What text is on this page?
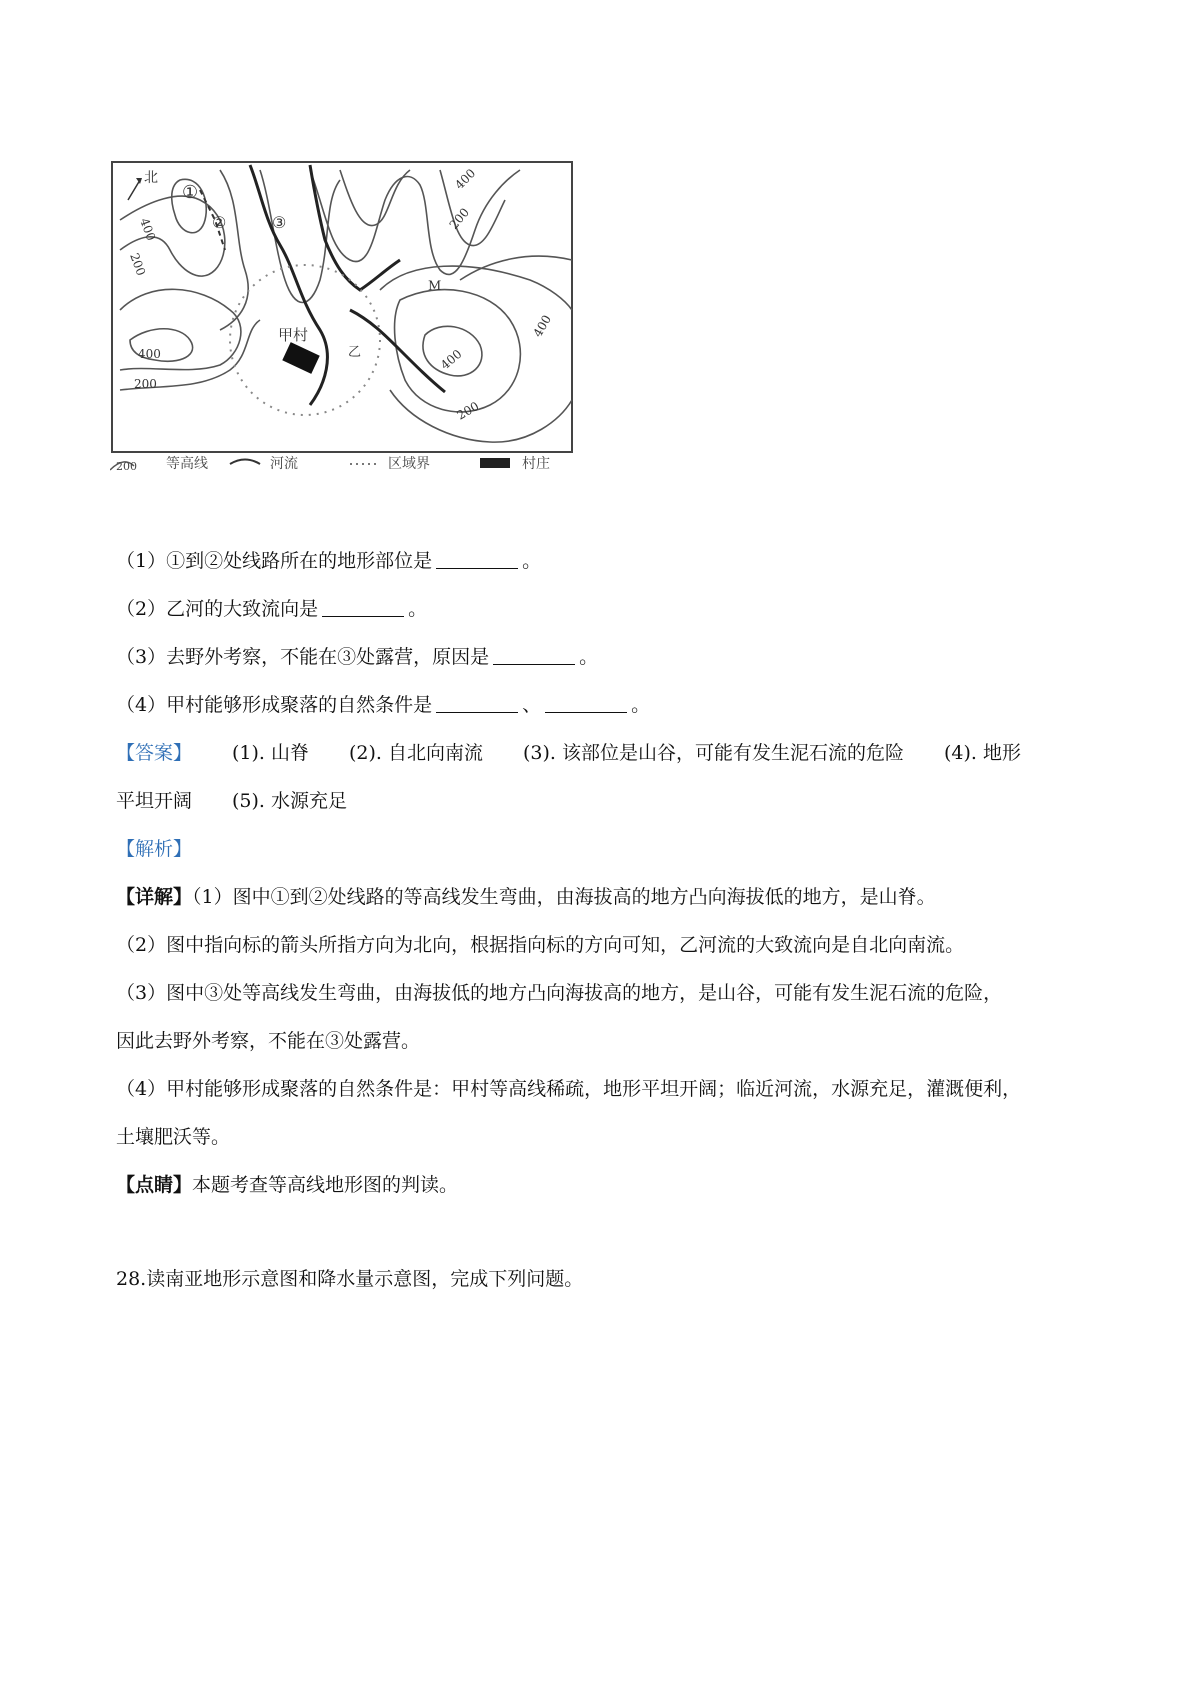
北
①
②	③
甲村
乙
M
400
400
400
400	400
200
200
200
200
200 等高线	河流	区域界	村庄
（1）①到②处线路所在的地形部位是	。
（2）乙河的大致流向是	。
（3）去野外考察，不能在③处露营，原因是	。
（4）甲村能够形成聚落的自然条件是	、	。
【答案】 (1). 山脊 (2). 自北向南流 (3). 该部位是山谷，可能有发生泥石流的危险 (4). 地形
平坦开阔 (5). 水源充足
【解析】
【详解】（1）图中①到②处线路的等高线发生弯曲，由海拔高的地方凸向海拔低的地方，是山脊。
（2）图中指向标的箭头所指方向为北向，根据指向标的方向可知，乙河流的大致流向是自北向南流。
（3）图中③处等高线发生弯曲，由海拔低的地方凸向海拔高的地方，是山谷，可能有发生泥石流的危险，
因此去野外考察，不能在③处露营。
（4）甲村能够形成聚落的自然条件是：甲村等高线稀疏，地形平坦开阔；临近河流，水源充足，灌溉便利，
土壤肥沃等。
【点睛】本题考查等高线地形图的判读。
28.读南亚地形示意图和降水量示意图，完成下列问题。
